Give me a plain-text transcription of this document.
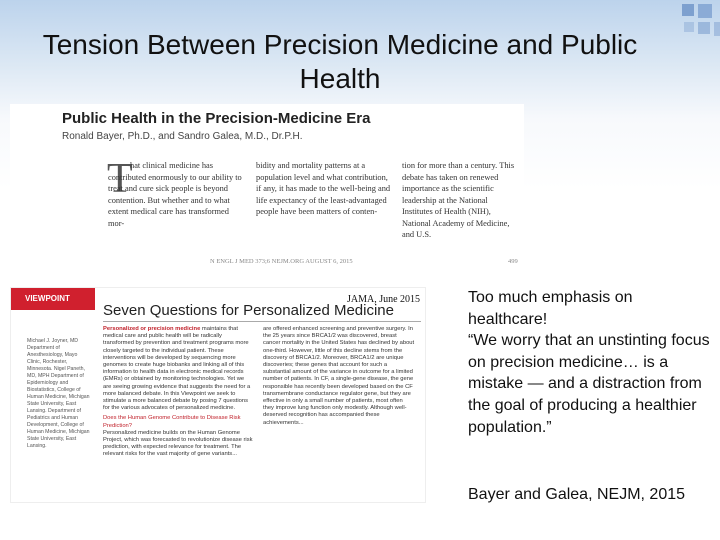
Tension Between Precision Medicine and Public Health
Public Health in the Precision-Medicine Era
Ronald Bayer, Ph.D., and Sandro Galea, M.D., Dr.P.H.
T
hat clinical medicine has contributed enormously to our ability to treat and cure sick people is beyond contention. But whether and to what extent medical care has transformed mor-
bidity and mortality patterns at a population level and what contribution, if any, it has made to the well-being and life expectancy of the least-advantaged people have been matters of conten-
tion for more than a century. This debate has taken on renewed importance as the scientific leadership at the National Institutes of Health (NIH), National Academy of Medicine, and U.S.
N ENGL J MED 373;6 NEJM.ORG AUGUST 6, 2015	499
VIEWPOINT	JAMA, June 2015
Seven Questions for Personalized Medicine
Michael J. Joyner, MD Department of Anesthesiology, Mayo Clinic, Rochester, Minnesota. Nigel Paneth, MD, MPH Department of Epidemiology and Biostatistics, College of Human Medicine, Michigan State University, East Lansing. Department of Pediatrics and Human Development, College of Human Medicine, Michigan State University, East Lansing.
Personalized or precision medicine maintains that medical care and public health will be radically transformed by prevention and treatment programs more closely targeted to the individual patient. These interventions will be developed by sequencing more genomes to create huge biobanks and linking all of this information to health data in electronic medical records (EMRs) or obtained by monitoring technologies. Yet we are seeing growing evidence that suggests the need for a more balanced debate. In this Viewpoint we seek to stimulate a more balanced debate by posing 7 questions for the various advocates of personalized medicine.
Does the Human Genome Contribute to Disease Risk Prediction?
Personalized medicine builds on the Human Genome Project, which was forecasted to revolutionize disease risk prediction, with expected relevance for treatment. The relevant risks for the vast majority of gene variants...
are offered enhanced screening and preventive surgery. In the 25 years since BRCA1/2 was discovered, breast cancer mortality in the United States has declined by about one-third. However, little of this decline stems from the discovery of BRCA1/2. Moreover, BRCA1/2 are unique discoveries; these genes that account for such a substantial amount of the variance in outcome for a limited number of patients. In CF, a single-gene disease, the gene responsible has recently been developed based on the CF transmembrane conductance regulator gene, but they are effective in only a small number of patients, most often they improve lung function only modestly. Although well-deserved recognition has accompanied these achievements...

Too much emphasis on healthcare!

“We worry that an unstinting focus on precision medicine… is a mistake — and a distraction from the goal of producing a healthier population.”

Bayer and Galea, NEJM, 2015
